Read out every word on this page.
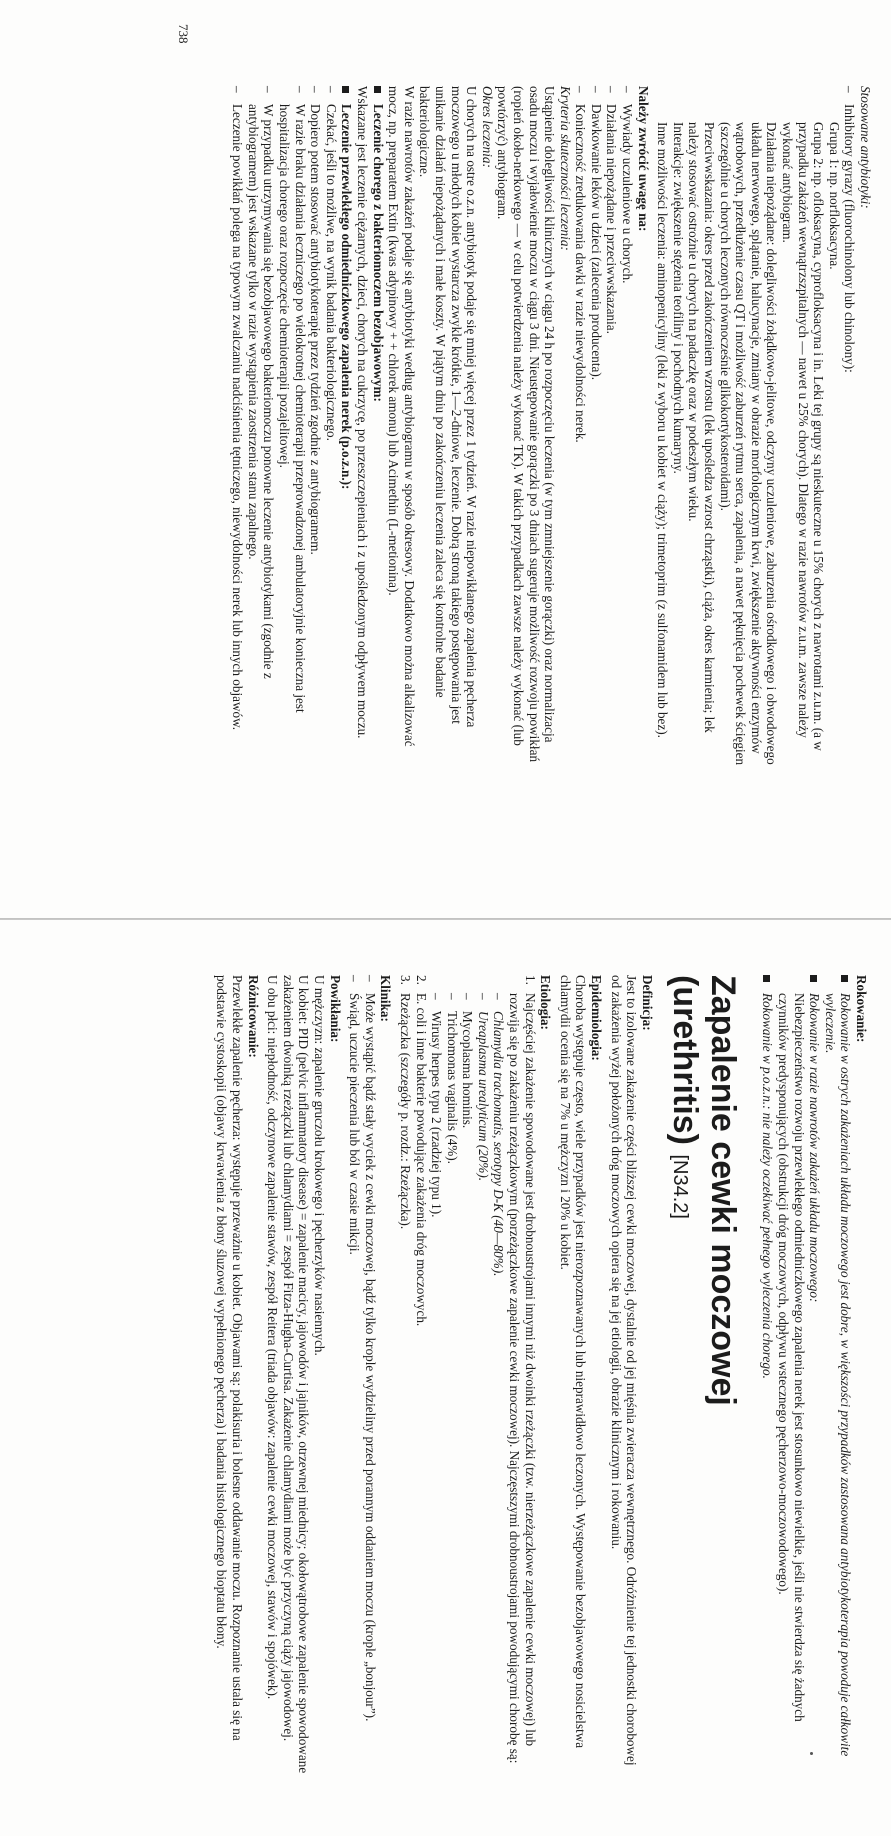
738

Stosowane antybiotyki:

–
Inhibitory gyrazy (fluorochinolony lub chinolony):
Grupa 1: np. norfloksacyna.
Grupa 2: np. ofloksacyna, cyprofloksacyna i in. Leki tej grupy są nieskuteczne u 15% chorych z nawrotami z.u.m. (a w przypadku zakażeń wewnątrzszpitalnych — nawet u 25% chorych). Dlatego w razie nawrotów z.u.m. zawsze należy wykonać antybiogram.
Działania niepożądane: dolegliwości żołądkowo-jelitowe, odczyny uczuleniowe, zaburzenia ośrodkowego i obwodowego układu nerwowego, splątanie, halucynacje, zmiany w obrazie morfologicznym krwi, zwiększenie aktywności enzymów wątrobowych, przedłużenie czasu QT i możliwość zaburzeń rytmu serca, zapalenia, a nawet pęknięcia pochewek ścięgien (szczególnie u chorych leczonych równocześnie glikokortykosteroidami).
Przeciwwskazania: okres przed zakończeniem wzrostu (lek upośledza wzrost chrząstki), ciąża, okres karmienia; lek należy stosować ostrożnie u chorych na padaczkę oraz w podeszłym wieku.
Interakcje: zwiększenie stężenia teofiliny i pochodnych kumaryny.
Inne możliwości leczenia: aminopenicyliny (leki z wyboru u kobiet w ciąży); trimetoprim (z sulfonamidem lub bez).

Należy zwrócić uwagę na:

–
Wywiady uczuleniowe u chorych.
–
Działania niepożądane i przeciwwskazania.
–
Dawkowanie leków u dzieci (zalecenia producenta).
–
Konieczność zredukowania dawki w razie niewydolności nerek.

Kryteria skuteczności leczenia:

Ustąpienie dolegliwości klinicznych w ciągu 24 h po rozpoczęciu leczenia (w tym zmniejszenie gorączki) oraz normalizacja osadu moczu i wyjałowienie moczu w ciągu 3 dni. Nieustępowanie gorączki po 3 dniach sugeruje możliwość rozwoju powikłań (ropień około-nerkowego — w celu potwierdzenia należy wykonać TK). W takich przypadkach zawsze należy wykonać (lub powtórzyć) antybiogram.

Okres leczenia:

U chorych na ostre o.z.n. antybiotyk podaje się mniej więcej przez 1 tydzień. W razie niepowikłanego zapalenia pęcherza moczowego u młodych kobiet wystarcza zwykle krótkie, 1—2-dniowe, leczenie. Dobrą stroną takiego postępowania jest unikanie działań niepożądanych i małe koszty. W piątym dniu po zakończeniu leczenia zaleca się kontrolne badanie bakteriologiczne.

W razie nawrotów zakażeń podaje się antybiotyki według antybiogramu w sposób okresowy. Dodatkowo można alkalizować mocz, np. preparatem Extin (kwas adypinowy + + chlorek amonu) lub Acimethin (L-metionina).

Leczenie chorego z bakteriomoczem bezobjawowym:

Wskazane jest leczenie ciężarnych, dzieci, chorych na cukrzycę, po przeszczepieniach i z upośledzonym odpływem moczu.

Leczenie przewlekłego odmiedniczkowego zapalenia nerek (p.o.z.n.):
–
Czekać, jeśli to możliwe, na wynik badania bakteriologicznego.
–
Dopiero potem stosować antybiotykoterapię przez tydzień zgodnie z antybiogramem.
–
W razie braku działania leczniczego po wielokrotnej chemioterapii przeprowadzonej ambulatoryjnie konieczna jest hospitalizacja chorego oraz rozpoczęcie chemioterapii pozajelitowej.
–
W przypadku utrzymywania się bezobjawowego bakteriomoczu ponowne leczenie antybiotykami (zgodnie z antybiogramem) jest wskazane tylko w razie wystąpienia zaostrzenia stanu zapalnego.
–
Leczenie powikłań polega na typowym zwalczaniu nadciśnienia tętniczego, niewydolności nerek lub innych objawów.

Rokowanie:

Rokowanie w ostrych zakażeniach układu moczowego jest dobre, w większości przypadków zastosowana antybiotykoterapia powoduje całkowite wyleczenie.
Rokowanie w razie nawrotów zakażeń układu moczowego:

Niebezpieczeństwo rozwoju przewlekłego odmiedniczkowego zapalenia nerek jest stosunkowo niewielkie, jeśli nie stwierdza się żadnych czynników predysponujących (obstrukcji dróg moczowych, odpływu wstecznego pęcherzowo-moczowodowego).

Rokowanie w p.o.z.n.: nie należy oczekiwać pełnego wyleczenia chorego.
Zapalenie cewki moczowej
(urethritis) [N34.2]

Definicja:

Jest to izolowane zakażenie części bliższej cewki moczowej, dystalnie od jej mięśnia zwieracza wewnętrznego. Odróżnienie tej jednostki chorobowej od zakażenia wyżej położonych dróg moczowych opiera się na jej etiologii, obrazie klinicznym i rokowaniu.

Epidemiologia:

Choroba występuje często, wiele przypadków jest nierozpoznawanych lub nieprawidłowo leczonych. Występowanie bezobjawowego nosicielstwa chlamydii ocenia się na 7% u mężczyzn i 20% u kobiet.

Etiologia:

1.
Najczęściej zakażenie spowodowane jest drobnoustrojami innymi niż dwoinki rzeżączki (tzw. nierzeżączkowe zapalenie cewki moczowej) lub rozwija się po zakażeniu rzeżączkowym (porzeżączkowe zapalenie cewki moczowej). Najczęstszymi drobnoustrojami powodującymi chorobę są:
–
Chlamydia trachomatis, serotypy D-K (40—80%).
–
Ureaplasma urealyticum (20%).
–
Mycoplasma hominis.
–
Trichomonas vaginalis (4%).
–
Wirusy herpes typu 2 (rzadziej typu 1).
2.
E. coli i inne bakterie powodujące zakażenia dróg moczowych.
3.
Rzeżączka (szczegóły p. rozdz.: Rzeżączka).

Klinika:

–
Może wystąpić bądź stały wyciek z cewki moczowej, bądź tylko krople wydzieliny przed porannym oddaniem moczu (krople „bonjour”).
–
Świąd, uczucie pieczenia lub ból w czasie mikcji.

Powikłania:

U mężczyzn: zapalenie gruczołu krokowego i pęcherzyków nasiennych.

U kobiet: PID (pelvic inflammatory disease) = zapalenie macicy, jajowodów i jajników, otrzewnej miednicy; okołowątrobowe zapalenie spowodowane zakażeniem dwoinką rzeżączki lub chlamydiami = zespół Fitza-Hugha-Curtisa. Zakażenie chlamydiami może być przyczyną ciąży jajowodowej.

U obu płci: niepłodność, odczynowe zapalenie stawów, zespół Reitera (triada objawów: zapalenie cewki moczowej, stawów i spojówek).

Różnicowanie:

Przewlekłe zapalenie pęcherza: występuje przeważnie u kobiet. Objawami są: polakisuria i bolesne oddawanie moczu. Rozpoznanie ustala się na podstawie cystoskopii (objawy krwawienia z błony śluzowej wypełnionego pęcherza) i badania histologicznego bioptatu błony.
